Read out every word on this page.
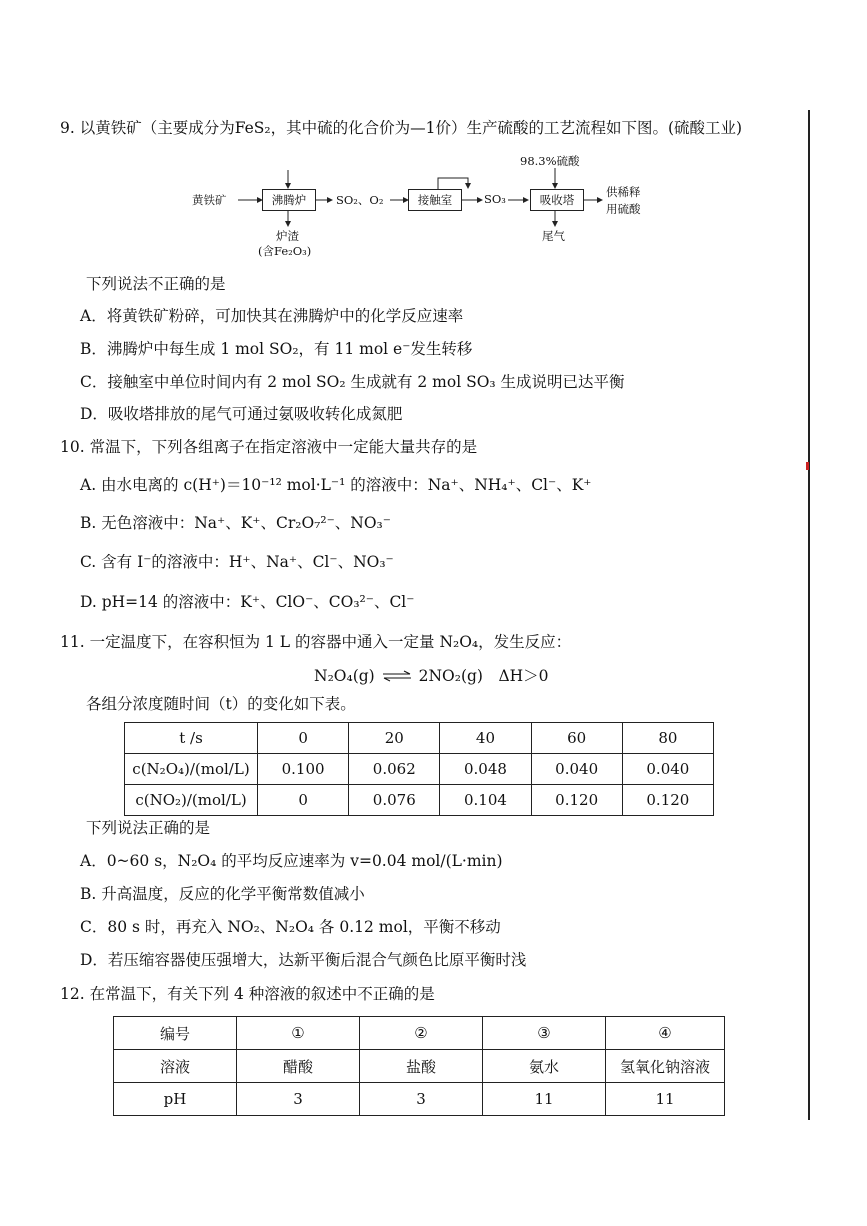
9. 以黄铁矿（主要成分为FeS₂，其中硫的化合价为—1价）生产硫酸的工艺流程如下图。(硫酸工业)
黄铁矿	沸腾炉	SO₂、O₂	接触室	SO₃
98.3%硫酸
吸收塔
供稀释
用硫酸
炉渣
(含Fe₂O₃)
尾气
下列说法不正确的是
A．将黄铁矿粉碎，可加快其在沸腾炉中的化学反应速率
B．沸腾炉中每生成 1 mol SO₂，有 11 mol e⁻发生转移
C．接触室中单位时间内有 2 mol SO₂ 生成就有 2 mol SO₃ 生成说明已达平衡
D．吸收塔排放的尾气可通过氨吸收转化成氮肥
10. 常温下，下列各组离子在指定溶液中一定能大量共存的是
A. 由水电离的 c(H⁺)＝10⁻¹² mol·L⁻¹ 的溶液中：Na⁺、NH₄⁺、Cl⁻、K⁺
B. 无色溶液中：Na⁺、K⁺、Cr₂O₇²⁻、NO₃⁻
C. 含有 I⁻的溶液中：H⁺、Na⁺、Cl⁻、NO₃⁻
D. pH=14 的溶液中：K⁺、ClO⁻、CO₃²⁻、Cl⁻
11. 一定温度下，在容积恒为 1 L 的容器中通入一定量 N₂O₄，发生反应：
N₂O₄(g) ⇌ 2NO₂(g)　ΔH＞0
各组分浓度随时间（t）的变化如下表。
t /s	0	20	40	60	80
c(N₂O₄)/(mol/L)	0.100	0.062	0.048	0.040	0.040
c(NO₂)/(mol/L)	0	0.076	0.104	0.120	0.120
下列说法正确的是
A．0~60 s，N₂O₄ 的平均反应速率为 v=0.04 mol/(L·min)
B. 升高温度，反应的化学平衡常数值减小
C．80 s 时，再充入 NO₂、N₂O₄ 各 0.12 mol，平衡不移动
D．若压缩容器使压强增大，达新平衡后混合气颜色比原平衡时浅
12. 在常温下，有关下列 4 种溶液的叙述中不正确的是
编号	①	②	③	④
溶液	醋酸	盐酸	氨水	氢氧化钠溶液
pH	3	3	11	11
